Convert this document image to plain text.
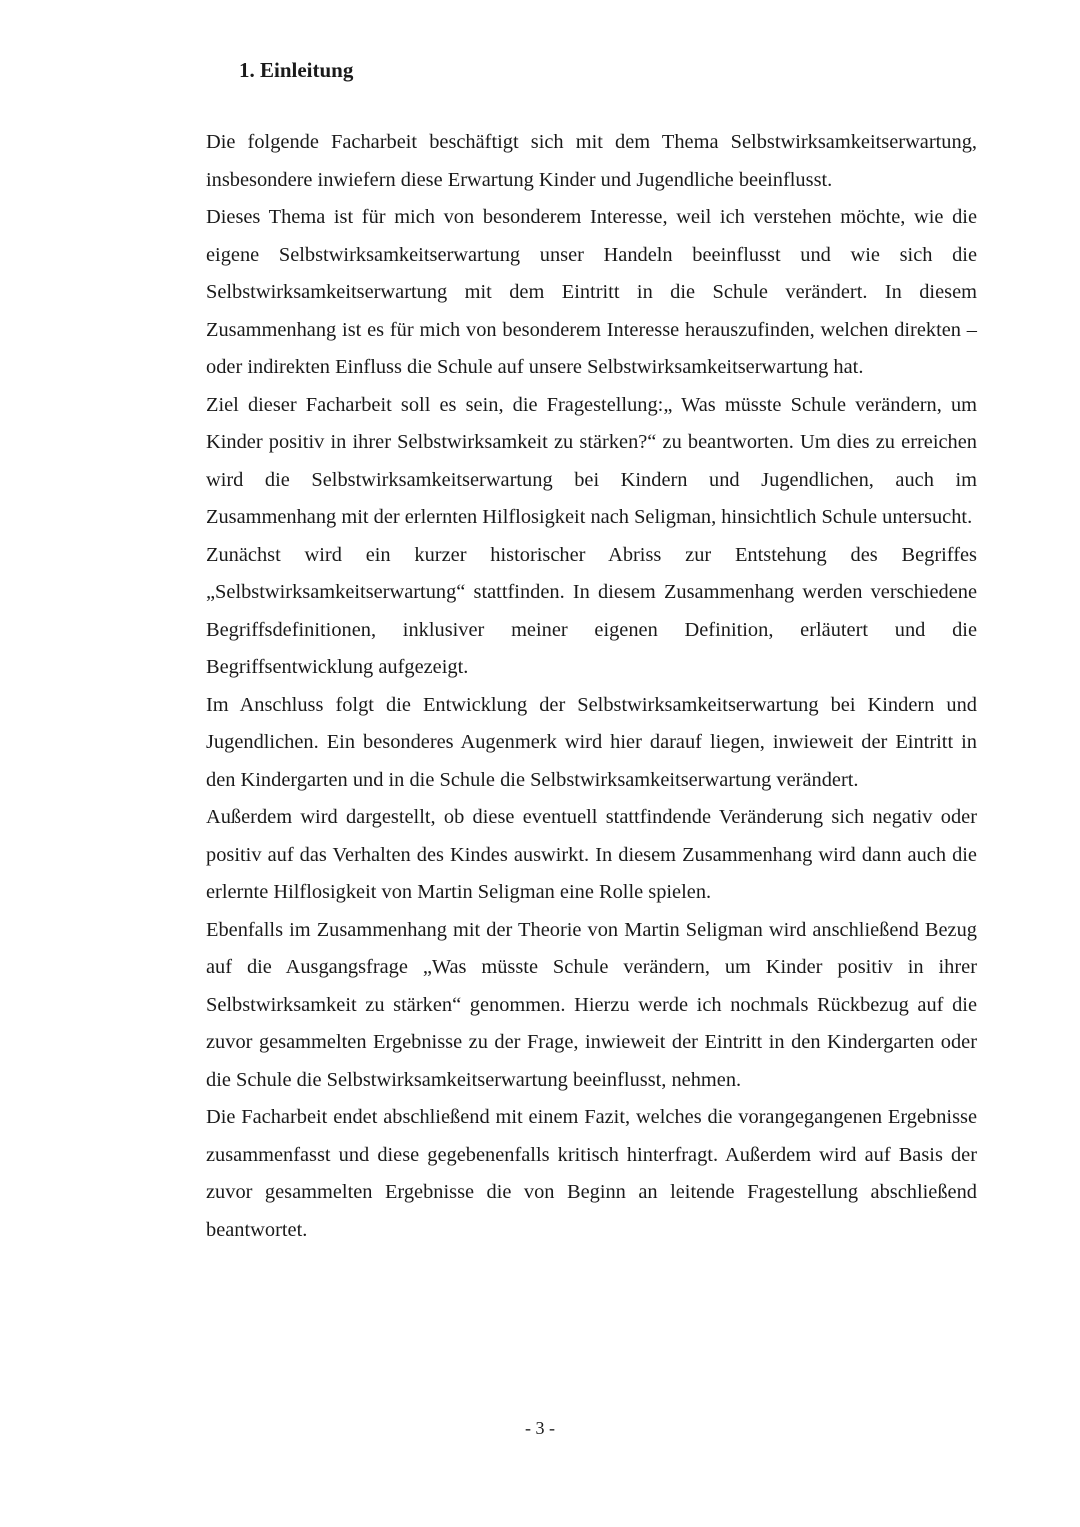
1. Einleitung

Die folgende Facharbeit beschäftigt sich mit dem Thema Selbstwirksamkeitserwartung, insbesondere inwiefern diese Erwartung Kinder und Jugendliche beeinflusst.

Dieses Thema ist für mich von besonderem Interesse, weil ich verstehen möchte, wie die eigene Selbstwirksamkeitserwartung unser Handeln beeinflusst und wie sich die Selbstwirksamkeitserwartung mit dem Eintritt in die Schule verändert. In diesem Zusammenhang ist es für mich von besonderem Interesse herauszufinden, welchen direkten – oder indirekten Einfluss die Schule auf unsere Selbstwirksamkeitserwartung hat.

Ziel dieser Facharbeit soll es sein, die Fragestellung:„ Was müsste Schule verändern, um Kinder positiv in ihrer Selbstwirksamkeit zu stärken?“ zu beantworten. Um dies zu erreichen wird die Selbstwirksamkeitserwartung bei Kindern und Jugendlichen, auch im Zusammenhang mit der erlernten Hilflosigkeit nach Seligman, hinsichtlich Schule untersucht.

Zunächst wird ein kurzer historischer Abriss zur Entstehung des Begriffes „Selbstwirksamkeitserwartung“ stattfinden. In diesem Zusammenhang werden verschiedene Begriffsdefinitionen, inklusiver meiner eigenen Definition, erläutert und die Begriffsentwicklung aufgezeigt.

Im Anschluss folgt die Entwicklung der Selbstwirksamkeitserwartung bei Kindern und Jugendlichen. Ein besonderes Augenmerk wird hier darauf liegen, inwieweit der Eintritt in den Kindergarten und in die Schule die Selbstwirksamkeitserwartung verändert.

Außerdem wird dargestellt, ob diese eventuell stattfindende Veränderung sich negativ oder positiv auf das Verhalten des Kindes auswirkt. In diesem Zusammenhang wird dann auch die erlernte Hilflosigkeit von Martin Seligman eine Rolle spielen.

Ebenfalls im Zusammenhang mit der Theorie von Martin Seligman wird anschließend Bezug auf die Ausgangsfrage „Was müsste Schule verändern, um Kinder positiv in ihrer Selbstwirksamkeit zu stärken“ genommen. Hierzu werde ich nochmals Rückbezug auf die zuvor gesammelten Ergebnisse zu der Frage, inwieweit der Eintritt in den Kindergarten oder die Schule die Selbstwirksamkeitserwartung beeinflusst, nehmen.

Die Facharbeit endet abschließend mit einem Fazit, welches die vorangegangenen Ergebnisse zusammenfasst und diese gegebenenfalls kritisch hinterfragt. Außerdem wird auf Basis der zuvor gesammelten Ergebnisse die von Beginn an leitende Fragestellung abschließend beantwortet.

- 3 -
